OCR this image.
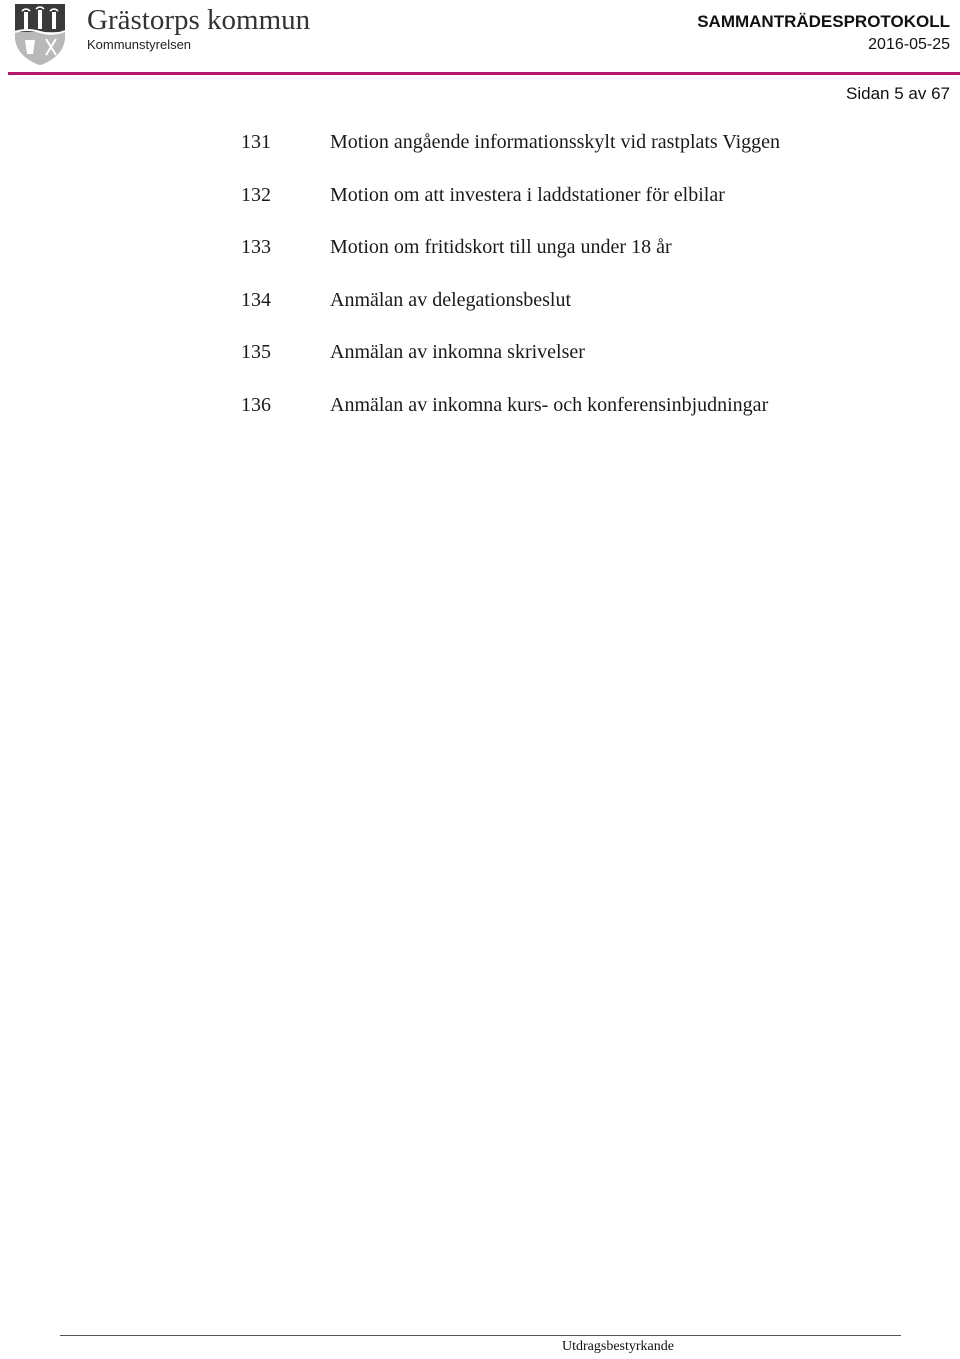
Grästorps kommun
Kommunstyrelsen
SAMMANTRÄDESPROTOKOLL
2016-05-25
Sidan 5 av 67
131	Motion angående informationsskylt vid rastplats Viggen
132	Motion om att investera i laddstationer för elbilar
133	Motion om fritidskort till unga under 18 år
134	Anmälan av delegationsbeslut
135	Anmälan av inkomna skrivelser
136	Anmälan av inkomna kurs- och konferensinbjudningar
Utdragsbestyrkande
